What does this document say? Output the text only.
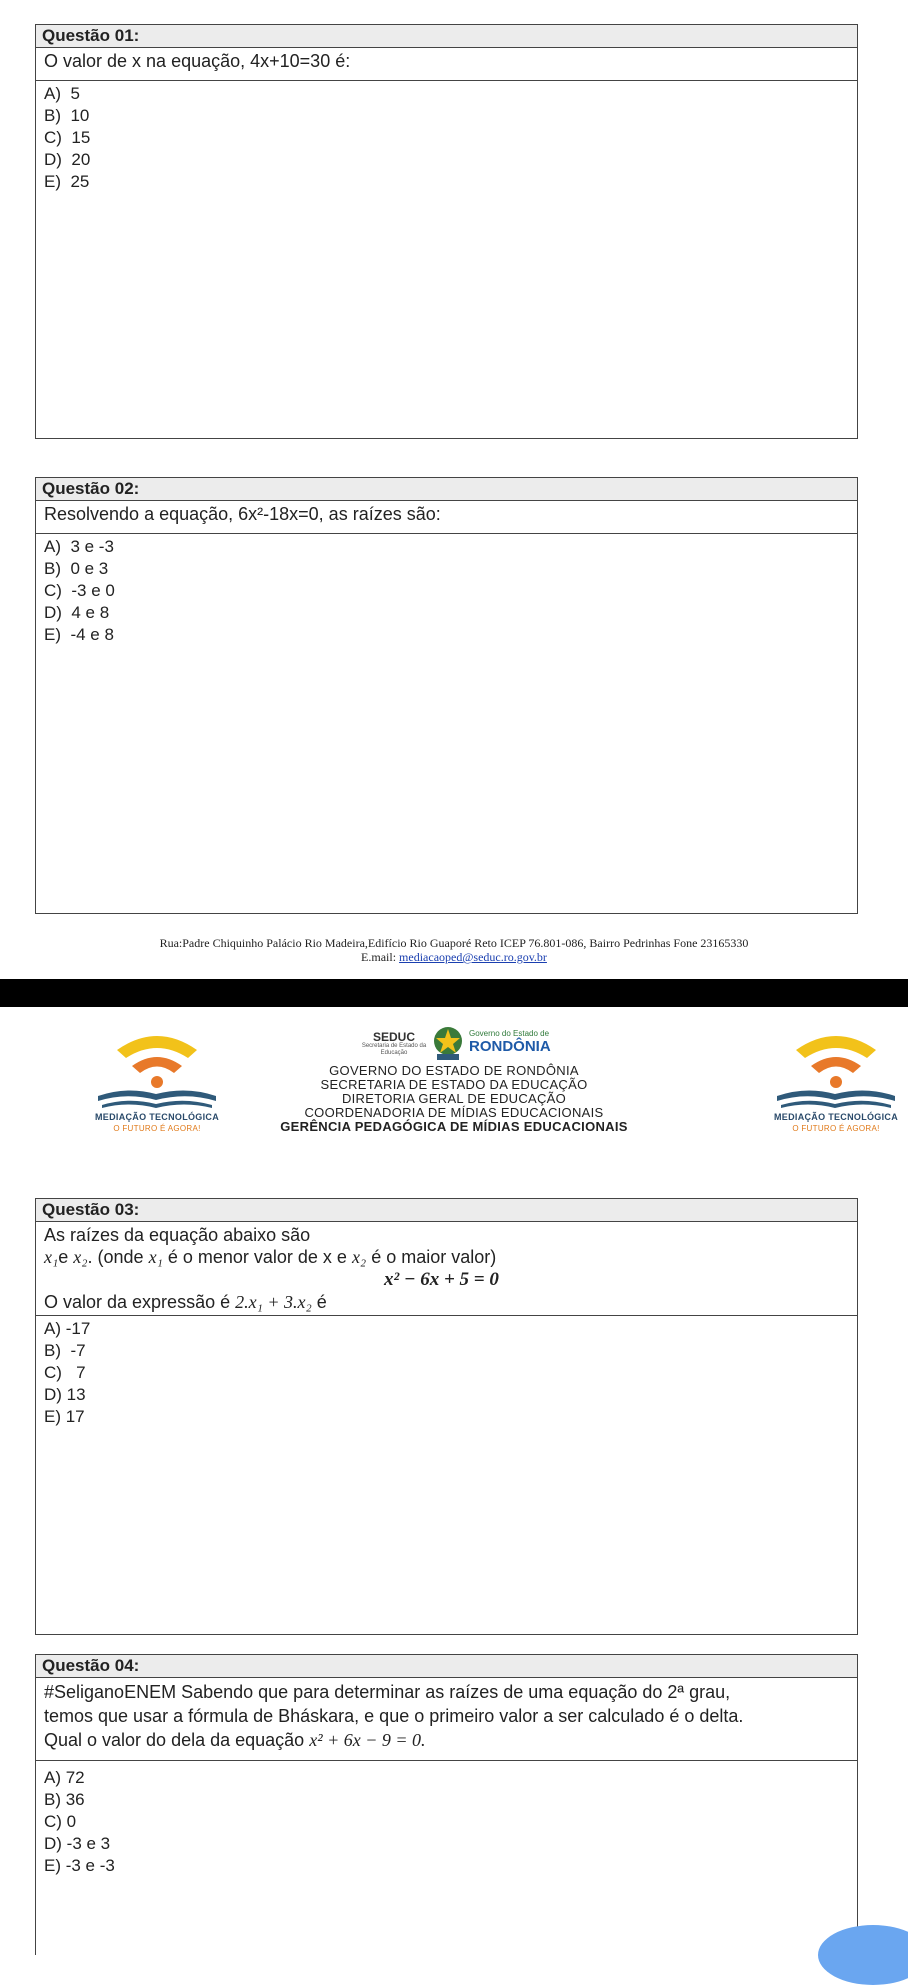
Questão 01:
O valor de x na equação, 4x+10=30 é:
A)  5
B)  10
C)  15
D)  20
E)  25
Questão 02:
Resolvendo a equação, 6x²-18x=0, as raízes são:
A)  3 e -3
B)  0 e 3
C)  -3 e 0
D)  4 e 8
E)  -4 e 8
Rua:Padre Chiquinho Palácio Rio Madeira,Edifício Rio Guaporé Reto ICEP 76.801-086, Bairro Pedrinhas Fone 23165330
E.mail: mediacaoped@seduc.ro.gov.br
MEDIAÇÃO TECNOLÓGICA
O FUTURO É AGORA!
SEDUC
Secretaria de Estado da Educação
Governo do Estado de
RONDÔNIA
GOVERNO DO ESTADO DE RONDÔNIA
SECRETARIA DE ESTADO DA EDUCAÇÃO
DIRETORIA GERAL DE EDUCAÇÃO
COORDENADORIA DE MÍDIAS EDUCACIONAIS
GERÊNCIA PEDAGÓGICA DE MÍDIAS EDUCACIONAIS
MEDIAÇÃO TECNOLÓGICA
O FUTURO É AGORA!
Questão 03:
As raízes da equação abaixo são
x₁e x₂. (onde x₁ é o menor valor de x e x₂ é o maior valor)
x² − 6x + 5 = 0
O valor da expressão é 2.x₁ + 3.x₂ é
A) -17
B)  -7
C)   7
D) 13
E) 17
Questão 04:
#SeliganoENEM Sabendo que para determinar as raízes de uma equação do 2ª grau,
temos que usar a fórmula de Bháskara, e que o primeiro valor a ser calculado é o delta.
Qual o valor do dela da equação x² + 6x − 9 = 0.
A) 72
B) 36
C) 0
D) -3 e 3
E) -3 e -3
